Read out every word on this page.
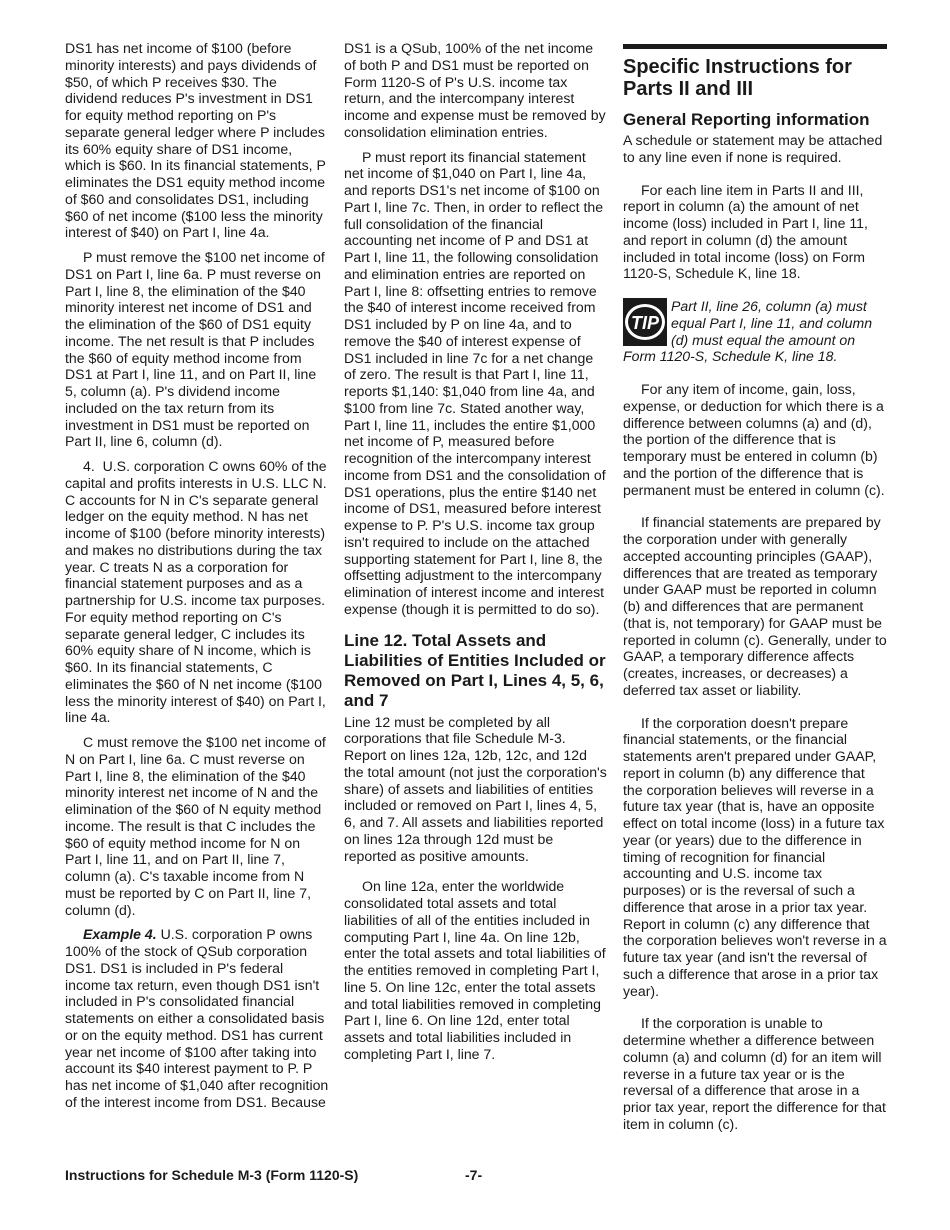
DS1 has net income of $100 (before minority interests) and pays dividends of $50, of which P receives $30. The dividend reduces P's investment in DS1 for equity method reporting on P's separate general ledger where P includes its 60% equity share of DS1 income, which is $60. In its financial statements, P eliminates the DS1 equity method income of $60 and consolidates DS1, including $60 of net income ($100 less the minority interest of $40) on Part I, line 4a.

P must remove the $100 net income of DS1 on Part I, line 6a. P must reverse on Part I, line 8, the elimination of the $40 minority interest net income of DS1 and the elimination of the $60 of DS1 equity income. The net result is that P includes the $60 of equity method income from DS1 at Part I, line 11, and on Part II, line 5, column (a). P's dividend income included on the tax return from its investment in DS1 must be reported on Part II, line 6, column (d).

4.  U.S. corporation C owns 60% of the capital and profits interests in U.S. LLC N. C accounts for N in C's separate general ledger on the equity method. N has net income of $100 (before minority interests) and makes no distributions during the tax year. C treats N as a corporation for financial statement purposes and as a partnership for U.S. income tax purposes. For equity method reporting on C's separate general ledger, C includes its 60% equity share of N income, which is $60. In its financial statements, C eliminates the $60 of N net income ($100 less the minority interest of $40) on Part I, line 4a.

C must remove the $100 net income of N on Part I, line 6a. C must reverse on Part I, line 8, the elimination of the $40 minority interest net income of N and the elimination of the $60 of N equity method income. The result is that C includes the $60 of equity method income for N on Part I, line 11, and on Part II, line 7, column (a). C's taxable income from N must be reported by C on Part II, line 7, column (d).

Example 4. U.S. corporation P owns 100% of the stock of QSub corporation DS1. DS1 is included in P's federal income tax return, even though DS1 isn't included in P's consolidated financial statements on either a consolidated basis or on the equity method. DS1 has current year net income of $100 after taking into account its $40 interest payment to P. P has net income of $1,040 after recognition of the interest income from DS1. Because

DS1 is a QSub, 100% of the net income of both P and DS1 must be reported on Form 1120-S of P's U.S. income tax return, and the intercompany interest income and expense must be removed by consolidation elimination entries.

P must report its financial statement net income of $1,040 on Part I, line 4a, and reports DS1's net income of $100 on Part I, line 7c. Then, in order to reflect the full consolidation of the financial accounting net income of P and DS1 at Part I, line 11, the following consolidation and elimination entries are reported on Part I, line 8: offsetting entries to remove the $40 of interest income received from DS1 included by P on line 4a, and to remove the $40 of interest expense of DS1 included in line 7c for a net change of zero. The result is that Part I, line 11, reports $1,140: $1,040 from line 4a, and $100 from line 7c. Stated another way, Part I, line 11, includes the entire $1,000 net income of P, measured before recognition of the intercompany interest income from DS1 and the consolidation of DS1 operations, plus the entire $140 net income of DS1, measured before interest expense to P. P's U.S. income tax group isn't required to include on the attached supporting statement for Part I, line 8, the offsetting adjustment to the intercompany elimination of interest income and interest expense (though it is permitted to do so).

Line 12. Total Assets and Liabilities of Entities Included or Removed on Part I, Lines 4, 5, 6, and 7

Line 12 must be completed by all corporations that file Schedule M-3. Report on lines 12a, 12b, 12c, and 12d the total amount (not just the corporation's share) of assets and liabilities of entities included or removed on Part I, lines 4, 5, 6, and 7. All assets and liabilities reported on lines 12a through 12d must be reported as positive amounts.

On line 12a, enter the worldwide consolidated total assets and total liabilities of all of the entities included in computing Part I, line 4a. On line 12b, enter the total assets and total liabilities of the entities removed in completing Part I, line 5. On line 12c, enter the total assets and total liabilities removed in completing Part I, line 6. On line 12d, enter total assets and total liabilities included in completing Part I, line 7.

Specific Instructions for Parts II and III
General Reporting information

A schedule or statement may be attached to any line even if none is required.

For each line item in Parts II and III, report in column (a) the amount of net income (loss) included in Part I, line 11, and report in column (d) the amount included in total income (loss) on Form 1120-S, Schedule K, line 18.

TIP
Part II, line 26, column (a) must
equal Part I, line 11, and column
(d) must equal the amount on
Form 1120-S, Schedule K, line 18.

For any item of income, gain, loss, expense, or deduction for which there is a difference between columns (a) and (d), the portion of the difference that is temporary must be entered in column (b) and the portion of the difference that is permanent must be entered in column (c).

If financial statements are prepared by the corporation under with generally accepted accounting principles (GAAP), differences that are treated as temporary under GAAP must be reported in column (b) and differences that are permanent (that is, not temporary) for GAAP must be reported in column (c). Generally, under to GAAP, a temporary difference affects (creates, increases, or decreases) a deferred tax asset or liability.

If the corporation doesn't prepare financial statements, or the financial statements aren't prepared under GAAP, report in column (b) any difference that the corporation believes will reverse in a future tax year (that is, have an opposite effect on total income (loss) in a future tax year (or years) due to the difference in timing of recognition for financial accounting and U.S. income tax purposes) or is the reversal of such a difference that arose in a prior tax year. Report in column (c) any difference that the corporation believes won't reverse in a future tax year (and isn't the reversal of such a difference that arose in a prior tax year).

If the corporation is unable to determine whether a difference between column (a) and column (d) for an item will reverse in a future tax year or is the reversal of a difference that arose in a prior tax year, report the difference for that item in column (c).

Instructions for Schedule M-3 (Form 1120-S)	-7-
